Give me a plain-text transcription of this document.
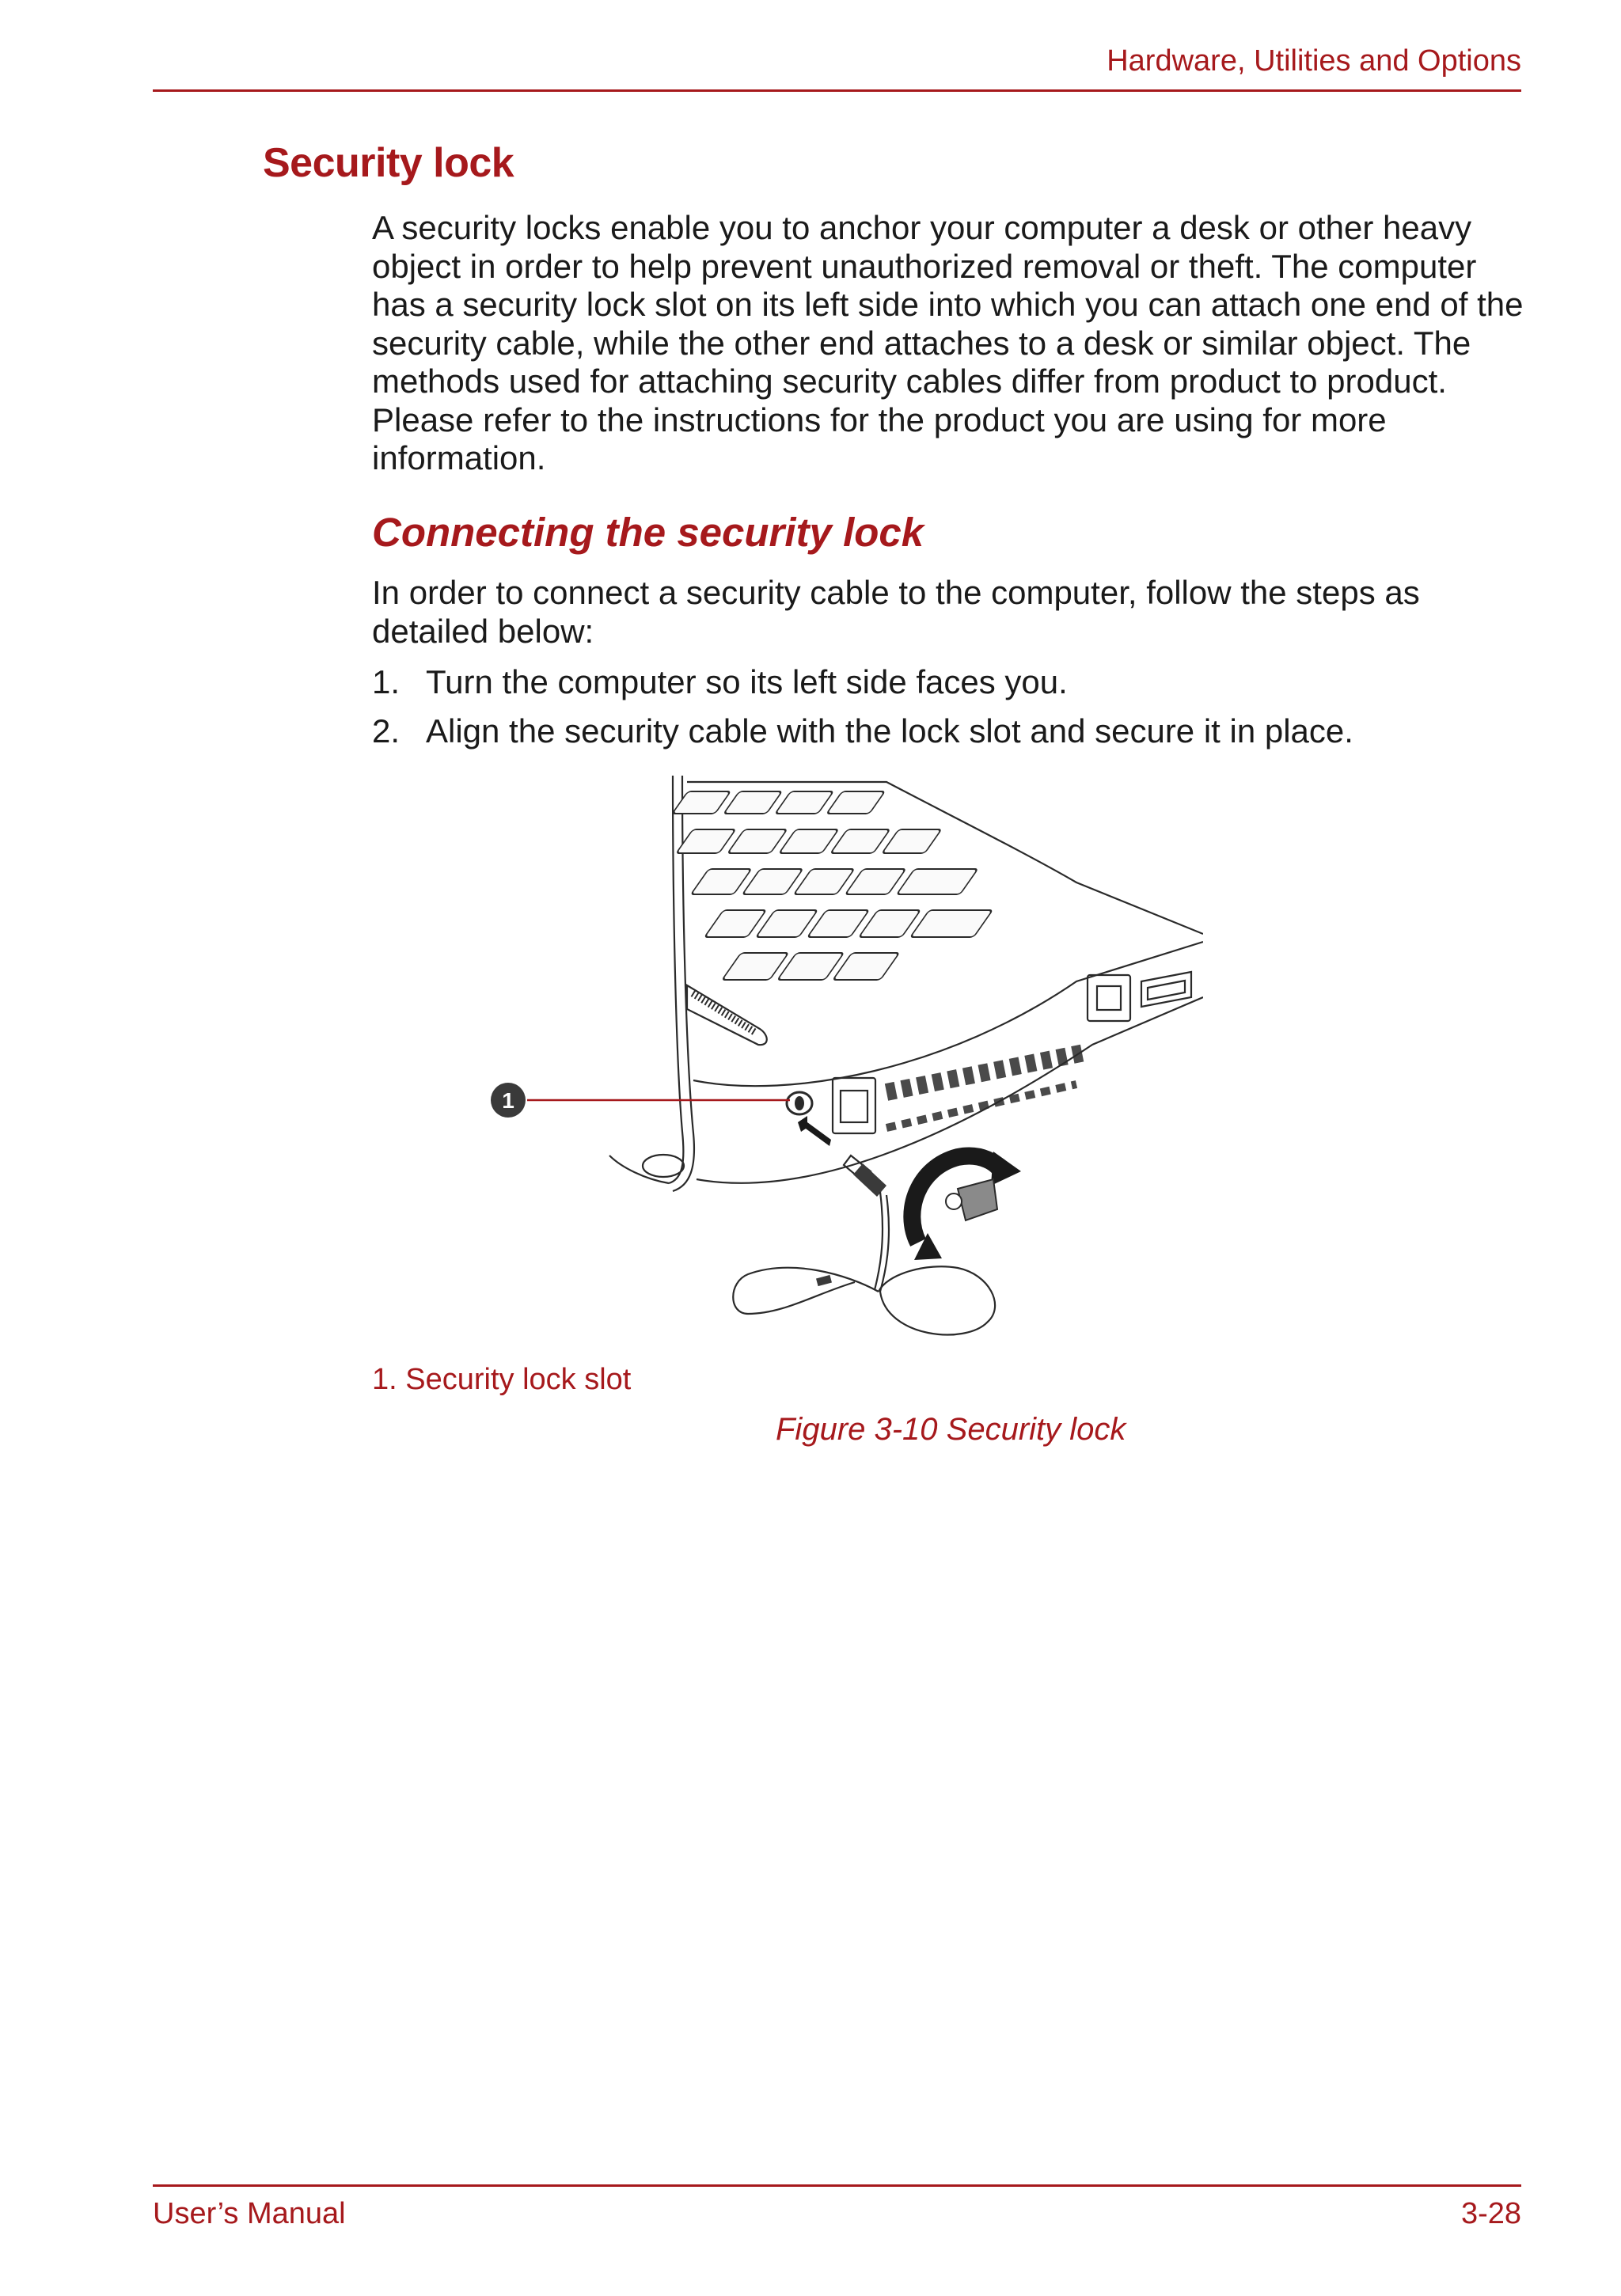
Hardware, Utilities and Options
Security lock
A security locks enable you to anchor your computer a desk or other heavy object in order to help prevent unauthorized removal or theft. The computer has a security lock slot on its left side into which you can attach one end of the security cable, while the other end attaches to a desk or similar object. The methods used for attaching security cables differ from product to product. Please refer to the instructions for the product you are using for more information.
Connecting the security lock
In order to connect a security cable to the computer, follow the steps as detailed below:
1. Turn the computer so its left side faces you.
2. Align the security cable with the lock slot and secure it in place.
1
1. Security lock slot
Figure 3-10 Security lock
User’s Manual	3-28
